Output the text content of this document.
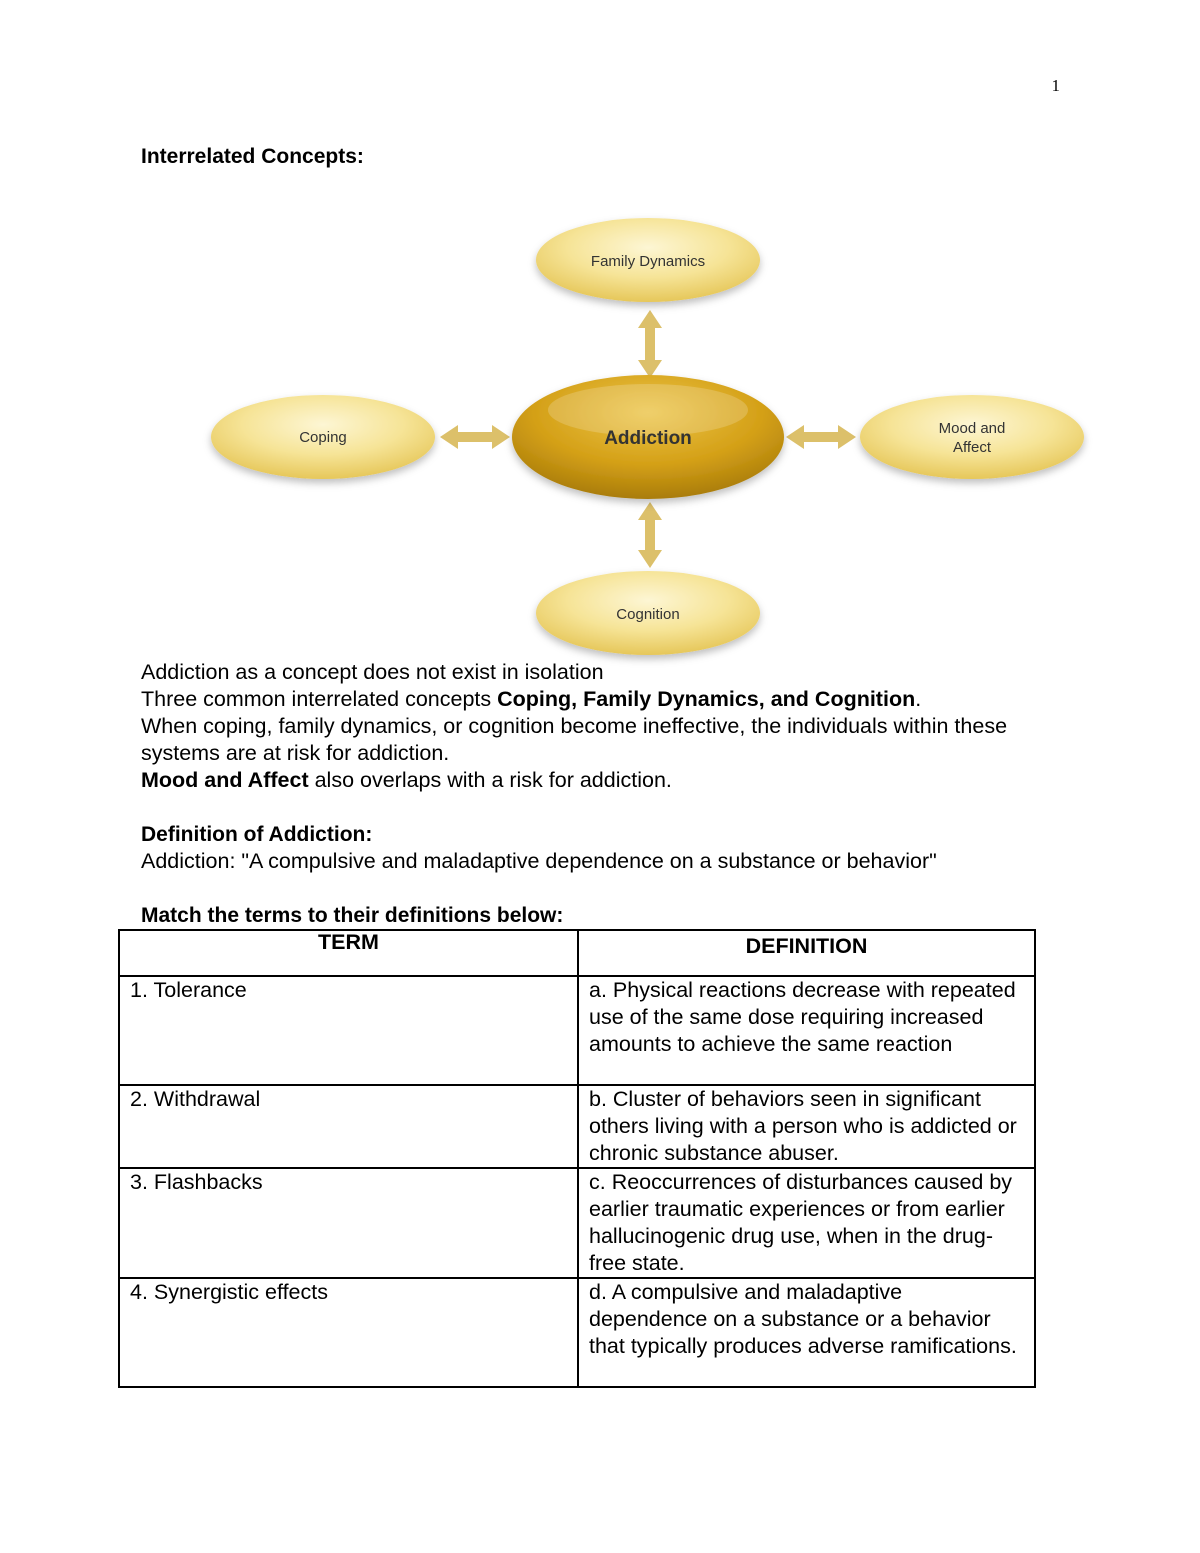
1
Interrelated Concepts:
Family Dynamics
Coping
Mood and
Affect
Cognition
Addiction

Addiction as a concept does not exist in isolation

Three common interrelated concepts Coping, Family Dynamics, and Cognition.

When coping, family dynamics, or cognition become ineffective, the individuals within these systems are at risk for addiction.

Mood and Affect also overlaps with a risk for addiction.

Definition of Addiction:
Addiction: "A compulsive and maladaptive dependence on a substance or behavior"
Match the terms to their definitions below:
TERM	DEFINITION
1. Tolerance	a. Physical reactions decrease with repeated use of the same dose requiring increased amounts to achieve the same reaction
2. Withdrawal	b. Cluster of behaviors seen in significant others living with a person who is addicted or chronic substance abuser.
3. Flashbacks	c. Reoccurrences of disturbances caused by earlier traumatic experiences or from earlier hallucinogenic drug use, when in the drug-free state.
4. Synergistic effects	d. A compulsive and maladaptive dependence on a substance or a behavior that typically produces adverse ramifications.
